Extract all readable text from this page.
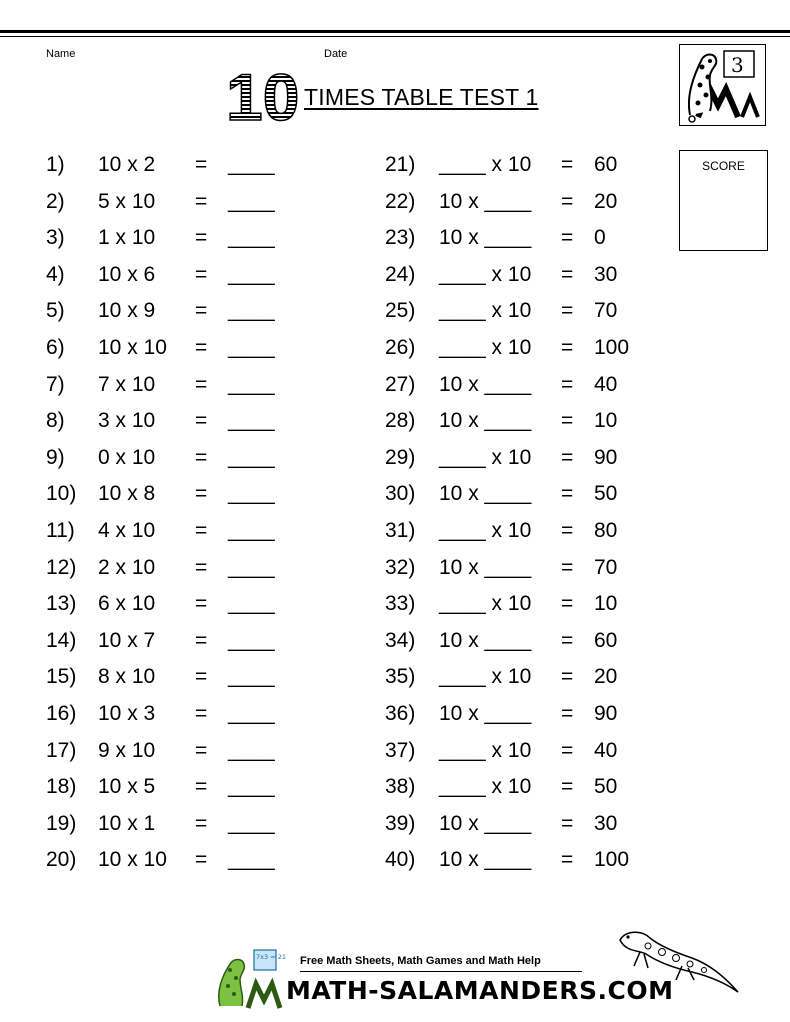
Name	Date
10 TIMES TABLE TEST 1
3
SCORE
1) 10 x 2 = ____
2) 5 x 10 = ____
3) 1 x 10 = ____
4) 10 x 6 = ____
5) 10 x 9 = ____
6) 10 x 10 = ____
7) 7 x 10 = ____
8) 3 x 10 = ____
9) 0 x 10 = ____
10) 10 x 8 = ____
11) 4 x 10 = ____
12) 2 x 10 = ____
13) 6 x 10 = ____
14) 10 x 7 = ____
15) 8 x 10 = ____
16) 10 x 3 = ____
17) 9 x 10 = ____
18) 10 x 5 = ____
19) 10 x 1 = ____
20) 10 x 10 = ____
21) ____ x 10 = 60
22) 10 x ____ = 20
23) 10 x ____ = 0
24) ____ x 10 = 30
25) ____ x 10 = 70
26) ____ x 10 = 100
27) 10 x ____ = 40
28) 10 x ____ = 10
29) ____ x 10 = 90
30) 10 x ____ = 50
31) ____ x 10 = 80
32) 10 x ____ = 70
33) ____ x 10 = 10
34) 10 x ____ = 60
35) ____ x 10 = 20
36) 10 x ____ = 90
37) ____ x 10 = 40
38) ____ x 10 = 50
39) 10 x ____ = 30
40) 10 x ____ = 100
7x3 = 21 Free Math Sheets, Math Games and Math Help
MATH-SALAMANDERS.COM
